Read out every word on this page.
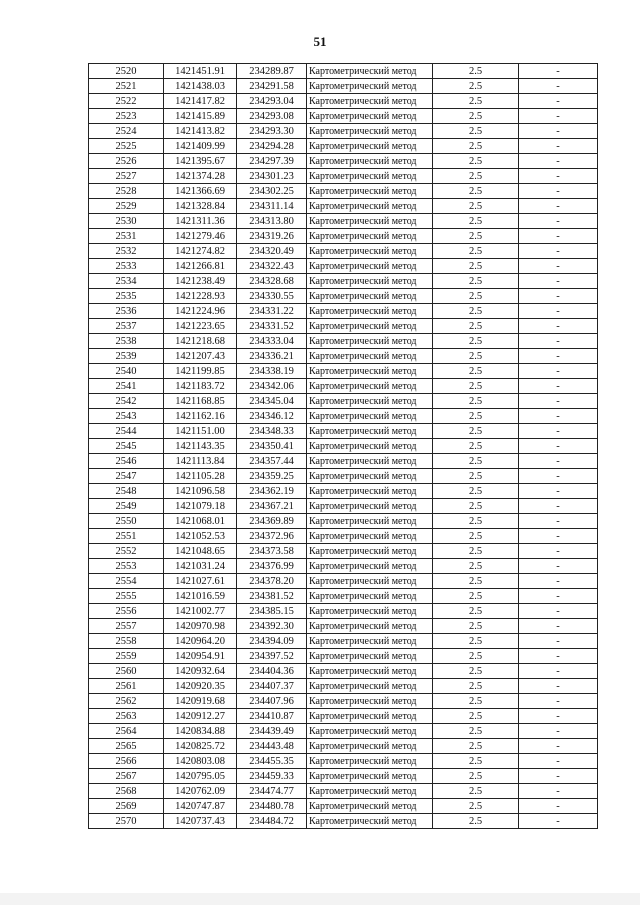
51
2520	1421451.91	234289.87	Картометрический метод	2.5	-
2521	1421438.03	234291.58	Картометрический метод	2.5	-
2522	1421417.82	234293.04	Картометрический метод	2.5	-
2523	1421415.89	234293.08	Картометрический метод	2.5	-
2524	1421413.82	234293.30	Картометрический метод	2.5	-
2525	1421409.99	234294.28	Картометрический метод	2.5	-
2526	1421395.67	234297.39	Картометрический метод	2.5	-
2527	1421374.28	234301.23	Картометрический метод	2.5	-
2528	1421366.69	234302.25	Картометрический метод	2.5	-
2529	1421328.84	234311.14	Картометрический метод	2.5	-
2530	1421311.36	234313.80	Картометрический метод	2.5	-
2531	1421279.46	234319.26	Картометрический метод	2.5	-
2532	1421274.82	234320.49	Картометрический метод	2.5	-
2533	1421266.81	234322.43	Картометрический метод	2.5	-
2534	1421238.49	234328.68	Картометрический метод	2.5	-
2535	1421228.93	234330.55	Картометрический метод	2.5	-
2536	1421224.96	234331.22	Картометрический метод	2.5	-
2537	1421223.65	234331.52	Картометрический метод	2.5	-
2538	1421218.68	234333.04	Картометрический метод	2.5	-
2539	1421207.43	234336.21	Картометрический метод	2.5	-
2540	1421199.85	234338.19	Картометрический метод	2.5	-
2541	1421183.72	234342.06	Картометрический метод	2.5	-
2542	1421168.85	234345.04	Картометрический метод	2.5	-
2543	1421162.16	234346.12	Картометрический метод	2.5	-
2544	1421151.00	234348.33	Картометрический метод	2.5	-
2545	1421143.35	234350.41	Картометрический метод	2.5	-
2546	1421113.84	234357.44	Картометрический метод	2.5	-
2547	1421105.28	234359.25	Картометрический метод	2.5	-
2548	1421096.58	234362.19	Картометрический метод	2.5	-
2549	1421079.18	234367.21	Картометрический метод	2.5	-
2550	1421068.01	234369.89	Картометрический метод	2.5	-
2551	1421052.53	234372.96	Картометрический метод	2.5	-
2552	1421048.65	234373.58	Картометрический метод	2.5	-
2553	1421031.24	234376.99	Картометрический метод	2.5	-
2554	1421027.61	234378.20	Картометрический метод	2.5	-
2555	1421016.59	234381.52	Картометрический метод	2.5	-
2556	1421002.77	234385.15	Картометрический метод	2.5	-
2557	1420970.98	234392.30	Картометрический метод	2.5	-
2558	1420964.20	234394.09	Картометрический метод	2.5	-
2559	1420954.91	234397.52	Картометрический метод	2.5	-
2560	1420932.64	234404.36	Картометрический метод	2.5	-
2561	1420920.35	234407.37	Картометрический метод	2.5	-
2562	1420919.68	234407.96	Картометрический метод	2.5	-
2563	1420912.27	234410.87	Картометрический метод	2.5	-
2564	1420834.88	234439.49	Картометрический метод	2.5	-
2565	1420825.72	234443.48	Картометрический метод	2.5	-
2566	1420803.08	234455.35	Картометрический метод	2.5	-
2567	1420795.05	234459.33	Картометрический метод	2.5	-
2568	1420762.09	234474.77	Картометрический метод	2.5	-
2569	1420747.87	234480.78	Картометрический метод	2.5	-
2570	1420737.43	234484.72	Картометрический метод	2.5	-
